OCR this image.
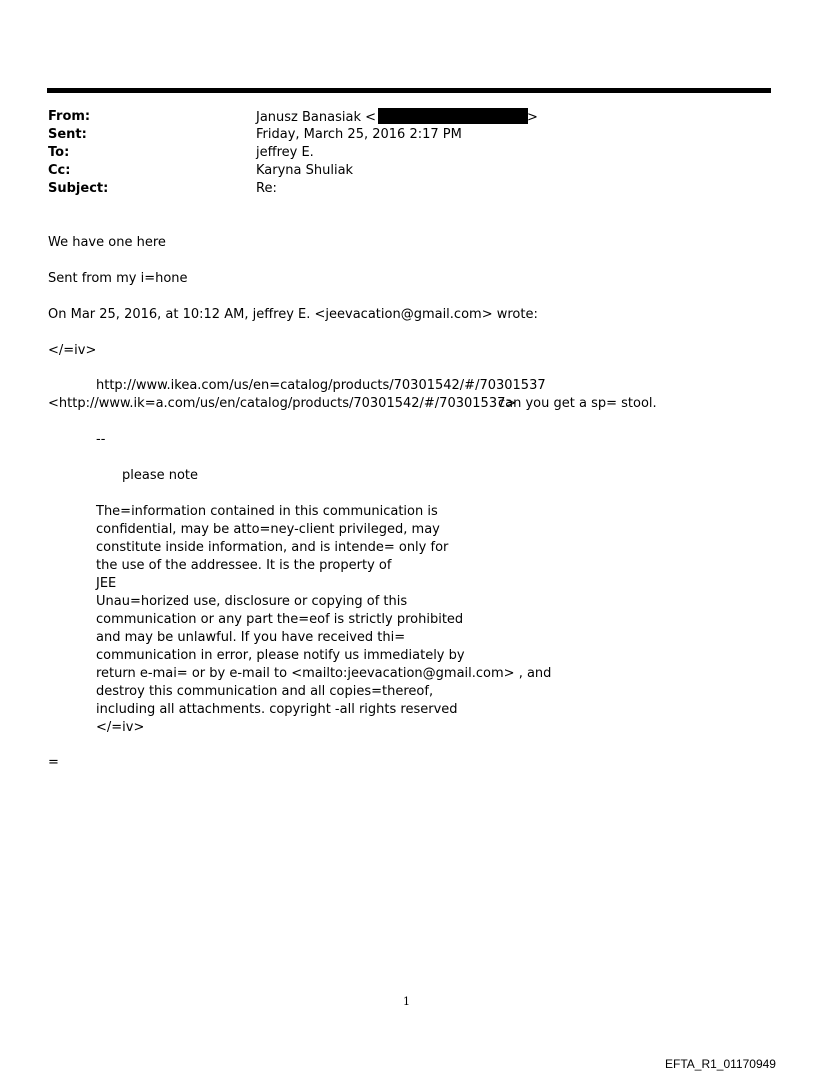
From:	Janusz Banasiak <	>
Sent:	Friday, March 25, 2016 2:17 PM
To:	jeffrey E.
Cc:	Karyna Shuliak
Subject:	Re:
We have one here
Sent from my i=hone
On Mar 25, 2016, at 10:12 AM, jeffrey E. <jeevacation@gmail.com> wrote:
</=iv>
http://www.ikea.com/us/en=catalog/products/70301542/#/70301537
<http://www.ik=a.com/us/en/catalog/products/70301542/#/70301537>
can you get a sp= stool.
--
please note
The=information contained in this communication is
confidential, may be atto=ney-client privileged, may
constitute inside information, and is intende= only for
the use of the addressee. It is the property of
JEE
Unau=horized use, disclosure or copying of this
communication or any part the=eof is strictly prohibited
and may be unlawful. If you have received thi=
communication in error, please notify us immediately by
return e-mai= or by e-mail to <mailto:jeevacation@gmail.com> , and
destroy this communication and all copies=thereof,
including all attachments. copyright -all rights reserved
</=iv>
=
1
EFTA_R1_01170949
